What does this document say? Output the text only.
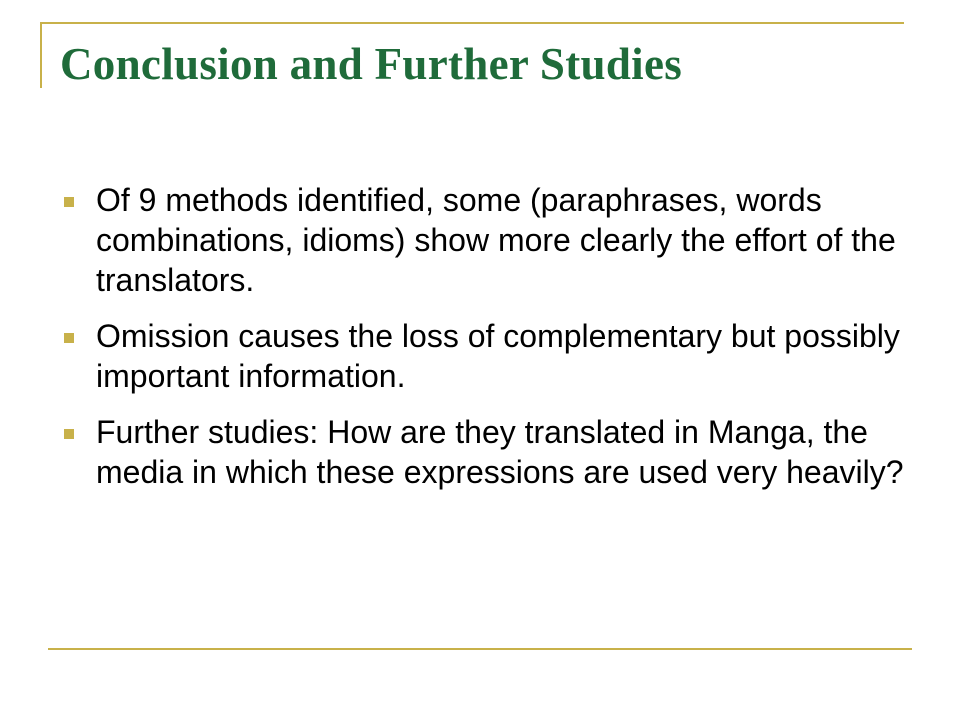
Conclusion and Further Studies
Of 9 methods identified, some (paraphrases, words combinations, idioms) show more clearly the effort of the translators.
Omission causes the loss of complementary but possibly important information.
Further studies: How are they translated in Manga, the media in which these expressions are used very heavily?
